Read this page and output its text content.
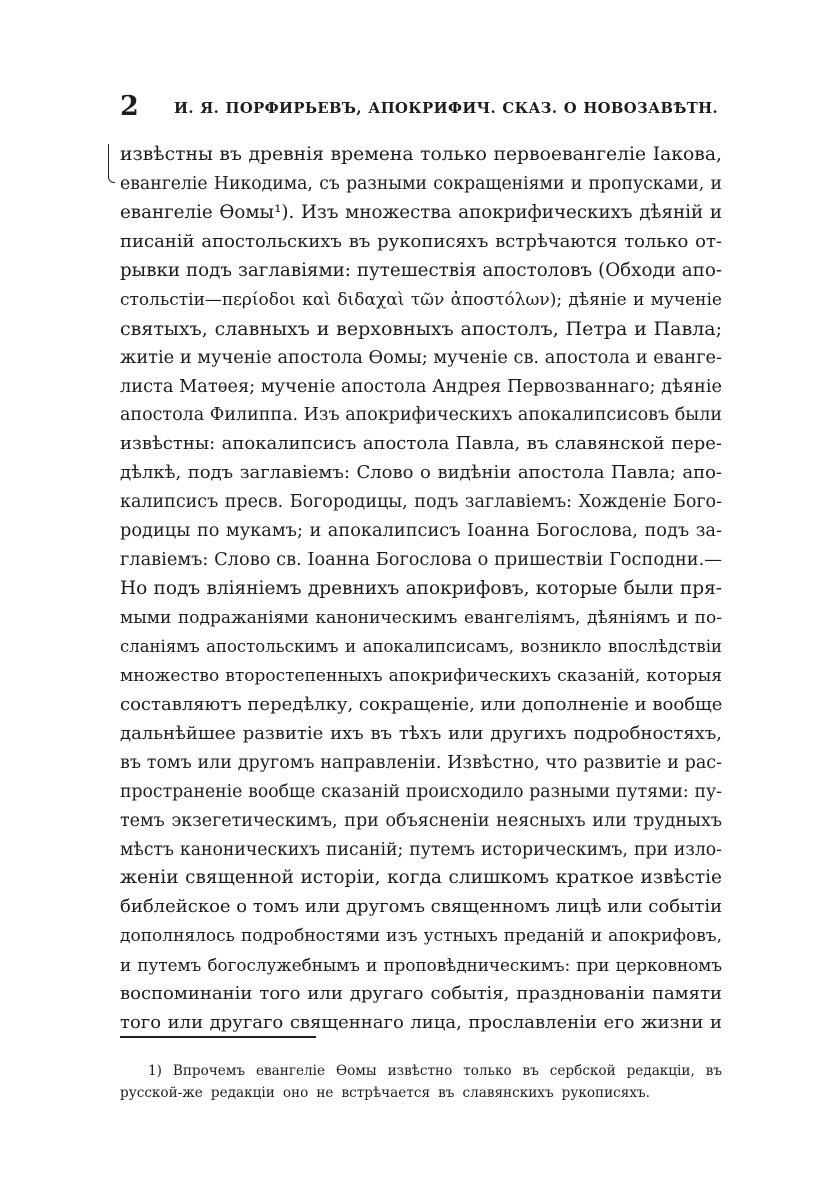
2 И. Я. ПОРФИРЬЕВЪ, АПОКРИФИЧ. СКАЗ. О НОВОЗАВѢТН.
извѣстны въ древнія времена только первоевангеліе Іакова,
евангеліе Никодима, съ разными сокращеніями и пропусками, и
евангеліе Ѳомы¹). Изъ множества апокрифическихъ дѣяній и
писаній апостольскихъ въ рукописяхъ встрѣчаются только от-
рывки подъ заглавіями: путешествія апостоловъ (Обходи апо-
стольстіи—περίοδοι καὶ διδαχαὶ τῶν ἀποστόλων); дѣяніе и мученіе
святыхъ, славныхъ и верховныхъ апостолъ, Петра и Павла;
житіе и мученіе апостола Ѳомы; мученіе св. апостола и еванге-
листа Матѳея; мученіе апостола Андрея Первозваннаго; дѣяніе
апостола Филиппа. Изъ апокрифическихъ апокалипсисовъ были
извѣстны: апокалипсисъ апостола Павла, въ славянской пере-
дѣлкѣ, подъ заглавіемъ: Слово о видѣніи апостола Павла; апо-
калипсисъ пресв. Богородицы, подъ заглавіемъ: Хожденіе Бого-
родицы по мукамъ; и апокалипсисъ Іоанна Богослова, подъ за-
главіемъ: Слово св. Іоанна Богослова о пришествіи Господни.—
Но подъ вліяніемъ древнихъ апокрифовъ, которые были пря-
мыми подражаніями каноническимъ евангеліямъ, дѣяніямъ и по-
сланіямъ апостольскимъ и апокалипсисамъ, возникло впослѣдствіи
множество второстепенныхъ апокрифическихъ сказаній, которыя
составляютъ передѣлку, сокращеніе, или дополненіе и вообще
дальнѣйшее развитіе ихъ въ тѣхъ или другихъ подробностяхъ,
въ томъ или другомъ направленіи. Извѣстно, что развитіе и рас-
пространеніе вообще сказаній происходило разными путями: пу-
темъ экзегетическимъ, при объясненіи неясныхъ или трудныхъ
мѣстъ каноническихъ писаній; путемъ историческимъ, при изло-
женіи священной исторіи, когда слишкомъ краткое извѣстіе
библейское о томъ или другомъ священномъ лицѣ или событіи
дополнялось подробностями изъ устныхъ преданій и апокрифовъ,
и путемъ богослужебнымъ и проповѣдническимъ: при церковномъ
воспоминаніи того или другаго событія, празднованіи памяти
того или другаго священнаго лица, прославленіи его жизни и
1) Впрочемъ евангеліе Ѳомы извѣстно только въ сербской редакціи, въ
русской-же редакціи оно не встрѣчается въ славянскихъ рукописяхъ.
